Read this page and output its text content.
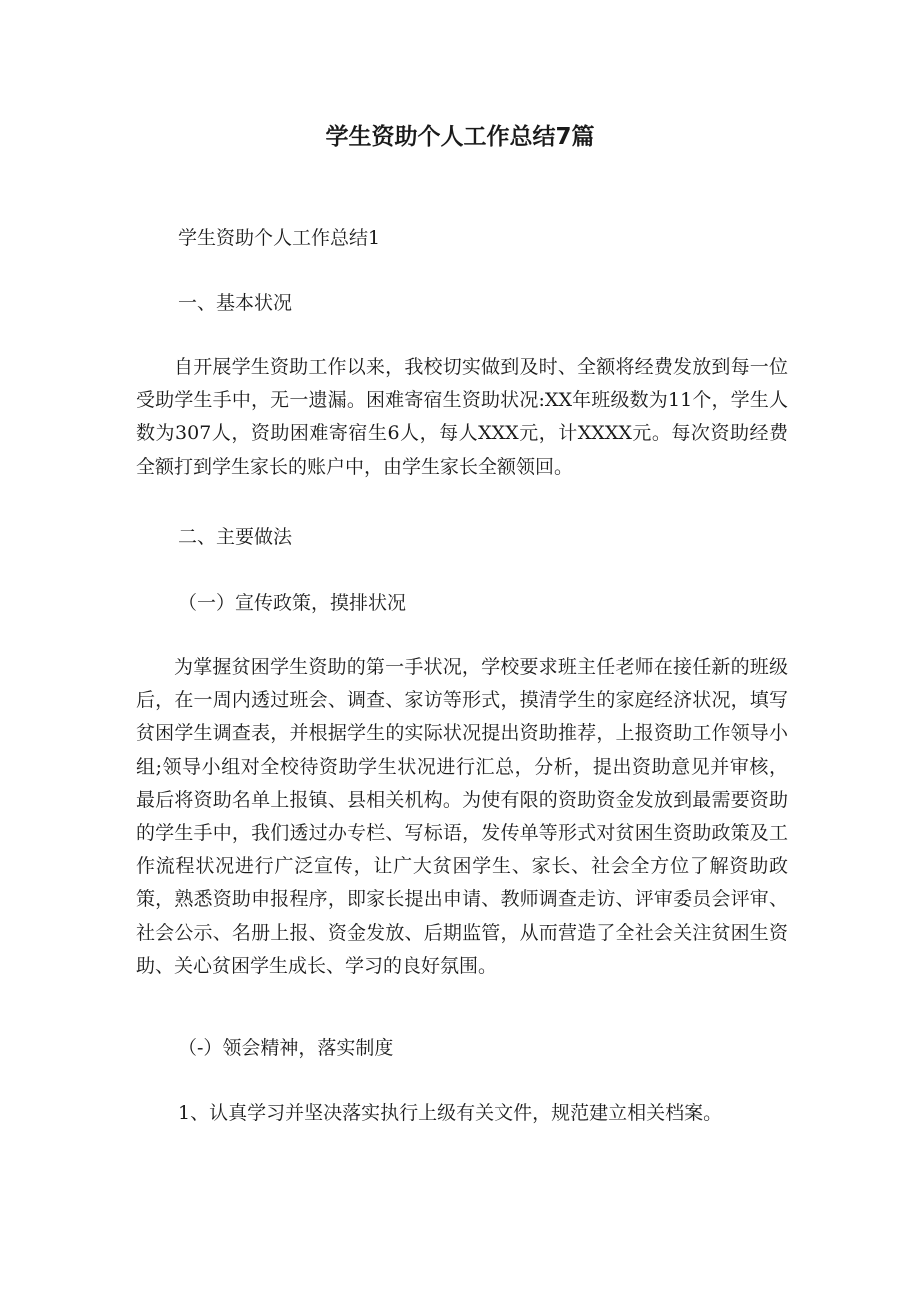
学生资助个人工作总结7篇
学生资助个人工作总结1
一、基本状况
自开展学生资助工作以来，我校切实做到及时、全额将经费发放到每一位受助学生手中，无一遗漏。困难寄宿生资助状况:XX年班级数为11个，学生人数为307人，资助困难寄宿生6人，每人XXX元，计XXXX元。每次资助经费全额打到学生家长的账户中，由学生家长全额领回。
二、主要做法
（一）宣传政策，摸排状况
为掌握贫困学生资助的第一手状况，学校要求班主任老师在接任新的班级后，在一周内透过班会、调查、家访等形式，摸清学生的家庭经济状况，填写贫困学生调查表，并根据学生的实际状况提出资助推荐，上报资助工作领导小组;领导小组对全校待资助学生状况进行汇总，分析，提出资助意见并审核，最后将资助名单上报镇、县相关机构。为使有限的资助资金发放到最需要资助的学生手中，我们透过办专栏、写标语，发传单等形式对贫困生资助政策及工作流程状况进行广泛宣传，让广大贫困学生、家长、社会全方位了解资助政策，熟悉资助申报程序，即家长提出申请、教师调查走访、评审委员会评审、社会公示、名册上报、资金发放、后期监管，从而营造了全社会关注贫困生资助、关心贫困学生成长、学习的良好氛围。
（-）领会精神，落实制度
1、认真学习并坚决落实执行上级有关文件，规范建立相关档案。
